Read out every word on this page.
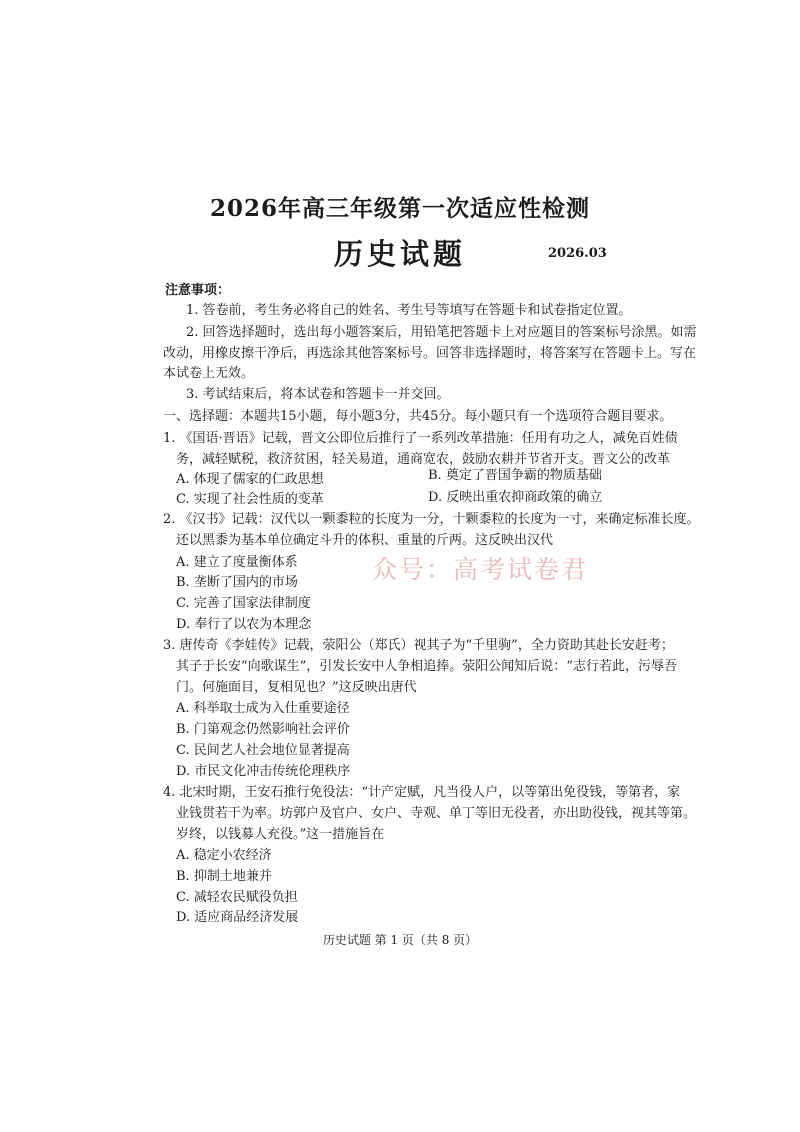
2026年高三年级第一次适应性检测
历史试题	2026.03
注意事项：
1. 答卷前，考生务必将自己的姓名、考生号等填写在答题卡和试卷指定位置。
2. 回答选择题时，选出每小题答案后，用铅笔把答题卡上对应题目的答案标号涂黑。如需
改动，用橡皮擦干净后，再选涂其他答案标号。回答非选择题时，将答案写在答题卡上。写在
本试卷上无效。
3. 考试结束后，将本试卷和答题卡一并交回。
一、选择题：本题共15小题，每小题3分，共45分。每小题只有一个选项符合题目要求。
1. 《国语·晋语》记载，晋文公即位后推行了一系列改革措施：任用有功之人，减免百姓债
务，减轻赋税，救济贫困，轻关易道，通商宽农，鼓励农耕并节省开支。晋文公的改革
A. 体现了儒家的仁政思想	B. 奠定了晋国争霸的物质基础
C. 实现了社会性质的变革	D. 反映出重农抑商政策的确立
2. 《汉书》记载：汉代以一颗黍粒的长度为一分，十颗黍粒的长度为一寸，来确定标准长度。
还以黑黍为基本单位确定斗升的体积、重量的斤两。这反映出汉代
A. 建立了度量衡体系
B. 垄断了国内的市场
C. 完善了国家法律制度
D. 奉行了以农为本理念
3. 唐传奇《李娃传》记载，荥阳公（郑氏）视其子为“千里驹”，全力资助其赴长安赶考；
其子于长安“向歌谋生”，引发长安中人争相追捧。荥阳公闻知后说：“志行若此，污辱吾
门。何施面目，复相见也？”这反映出唐代
A. 科举取士成为入仕重要途径
B. 门第观念仍然影响社会评价
C. 民间艺人社会地位显著提高
D. 市民文化冲击传统伦理秩序
4. 北宋时期，王安石推行免役法：“计产定赋，凡当役人户，以等第出免役钱，等第者，家
业钱贯若干为率。坊郭户及官户、女户、寺观、单丁等旧无役者，亦出助役钱，视其等第。
岁终，以钱募人充役。”这一措施旨在
A. 稳定小农经济
B. 抑制土地兼并
C. 减轻农民赋役负担
D. 适应商品经济发展
众号：高考试卷君
历史试题 第 1 页（共 8 页）
